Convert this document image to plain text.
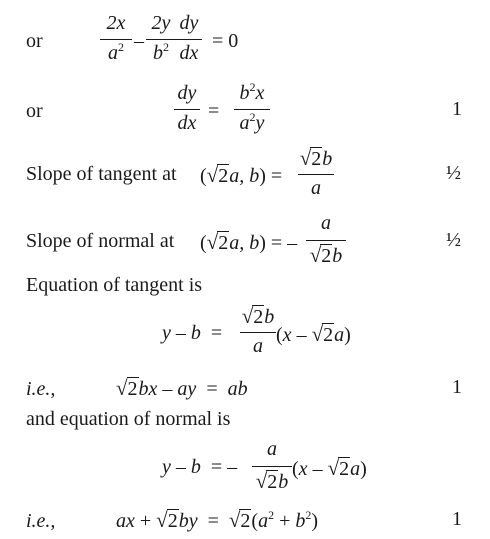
or
2x
$a^2$ –
2y
$b^2$
dy
dx
= 0
or
dy
dx
=
$b^2x$
$a^2y$
1
Slope of tangent at (√2a, b) =
√2b
a
½
Slope of normal at (√2a, b) = –
a
√2b
½
Equation of tangent is
y – b  =
√2b
a (x – √2a)
i.e.,	√2bx – ay  =  ab	1
and equation of normal is
y – b  = –
a
√2b
(x – √2a)
i.e.,	ax + $√2by = √2(a^2 + b^2)$	1
